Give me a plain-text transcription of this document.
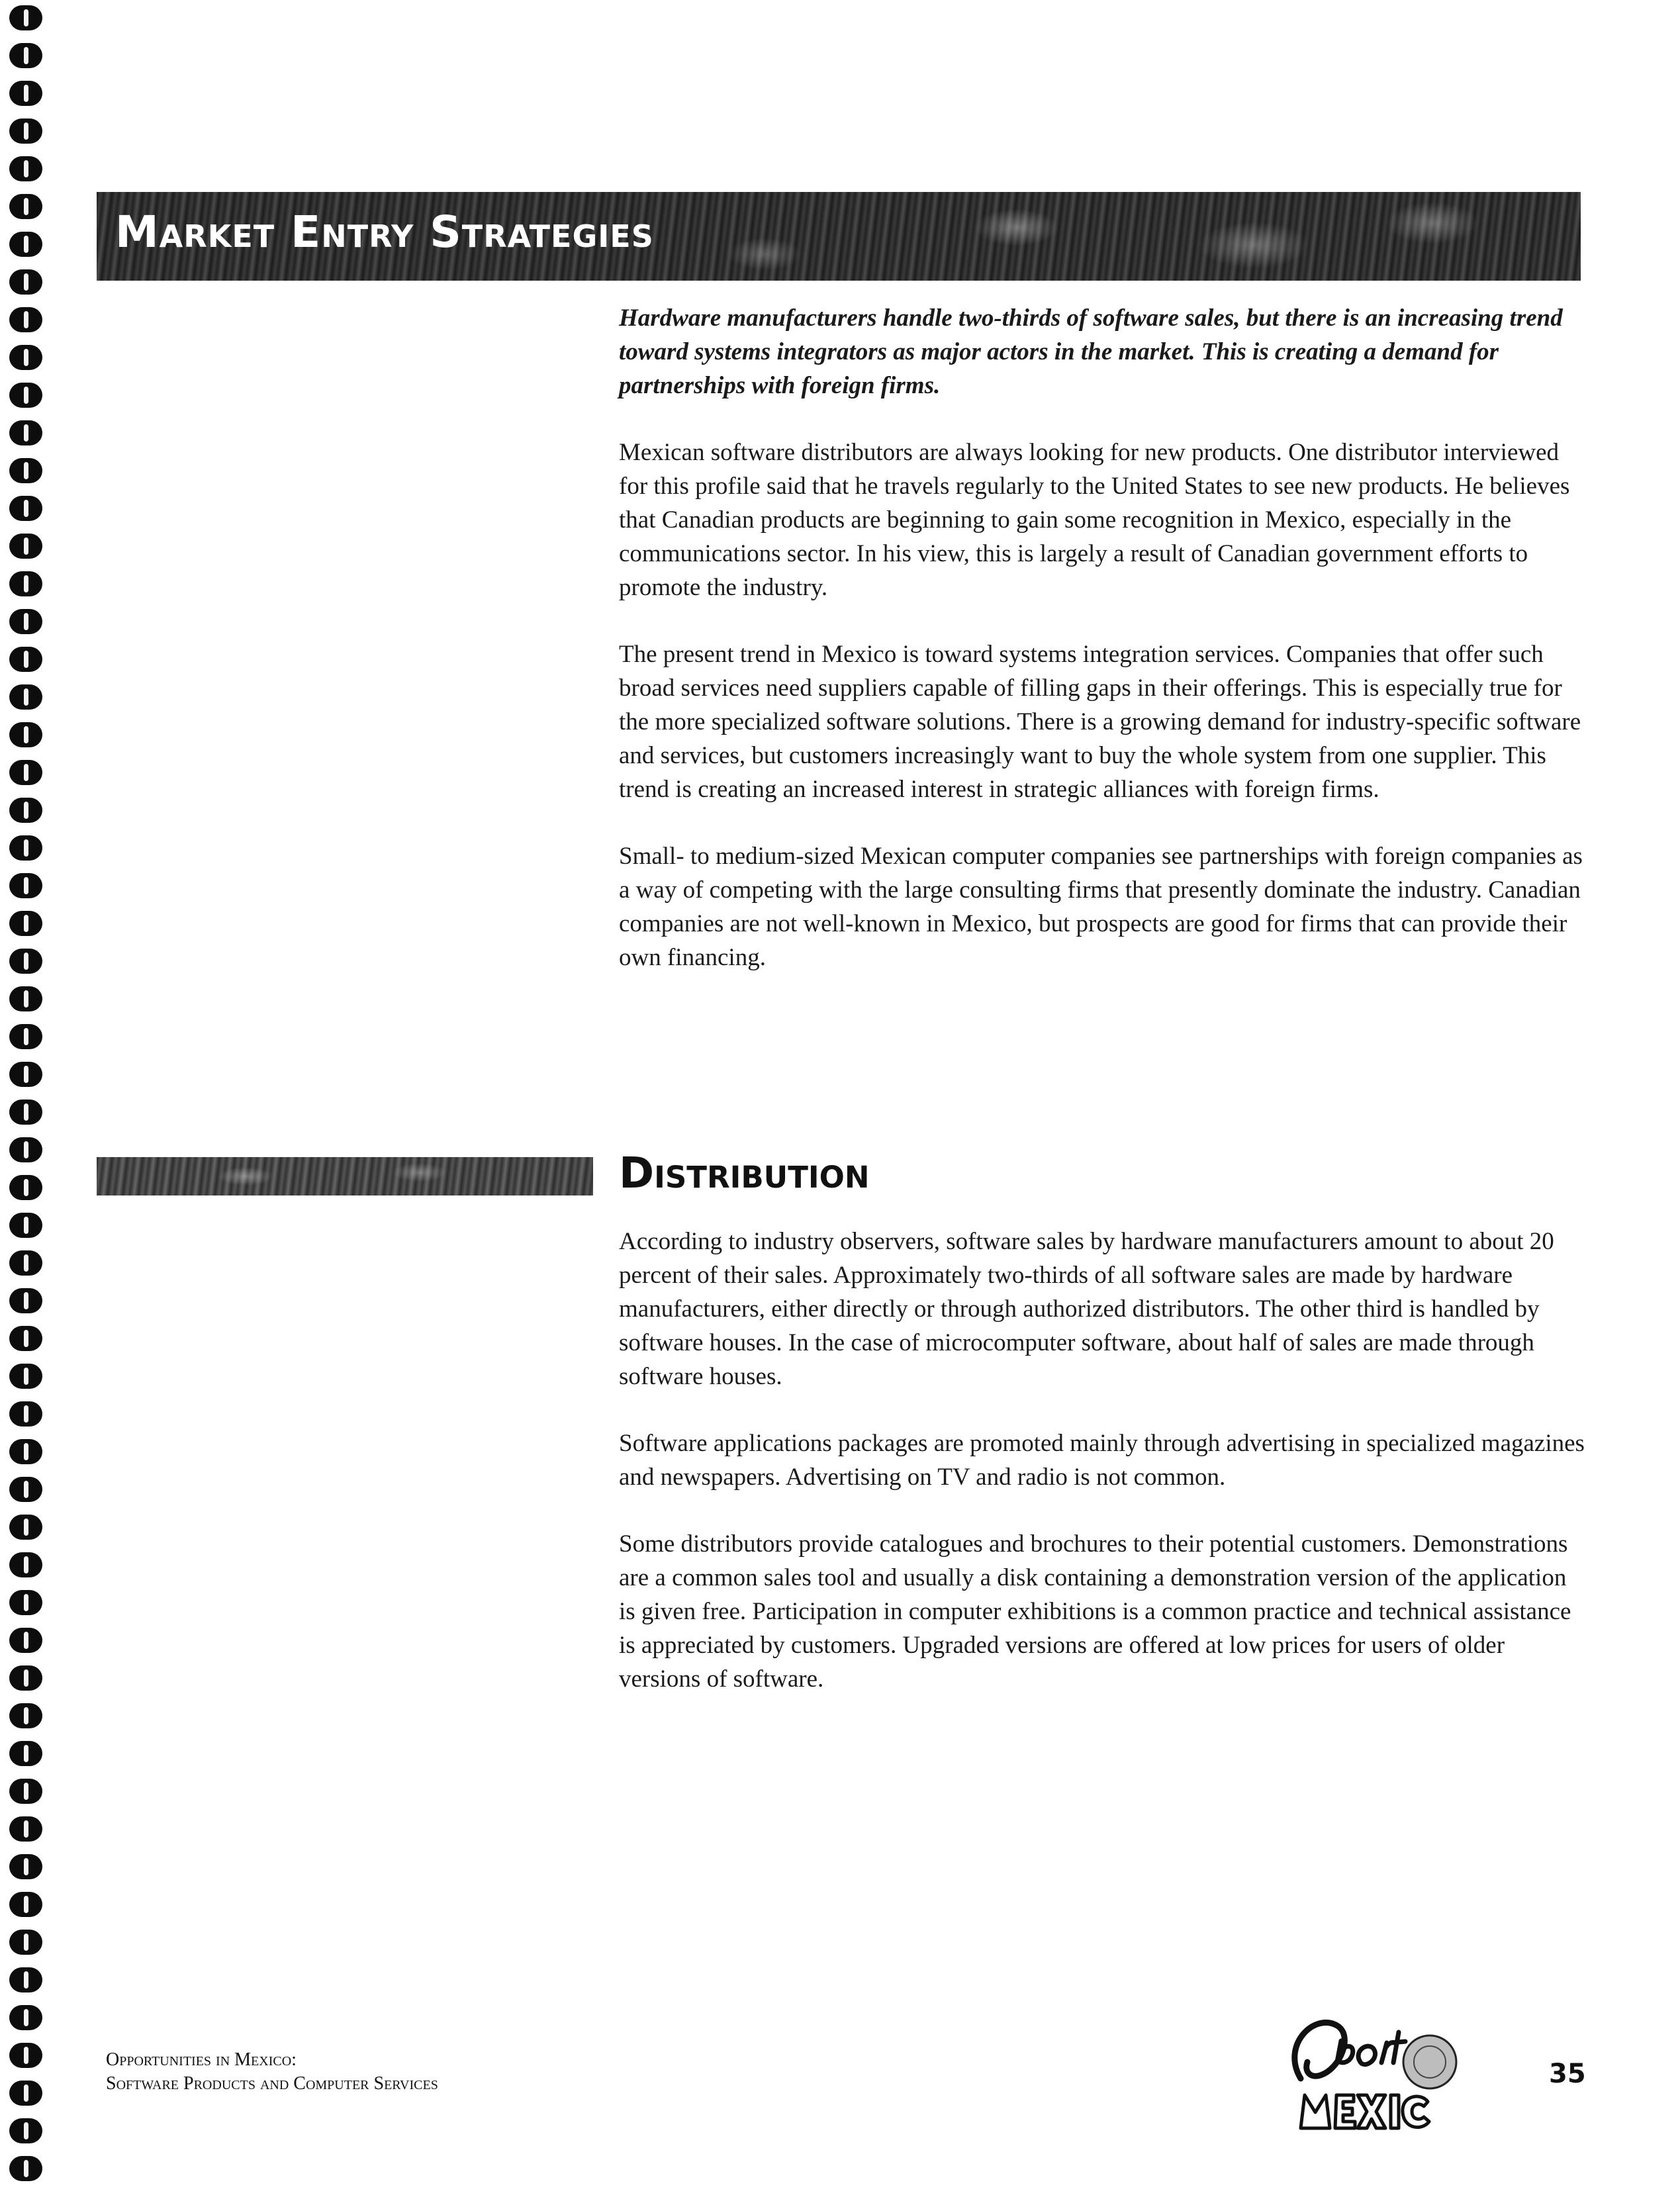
Market Entry Strategies

Hardware manufacturers handle two-thirds of software sales, but there is an increasing trend toward systems integrators as major actors in the market. This is creating a demand for partnerships with foreign firms.

Mexican software distributors are always looking for new products. One distributor interviewed for this profile said that he travels regularly to the United States to see new products. He believes that Canadian products are beginning to gain some recognition in Mexico, especially in the communications sector. In his view, this is largely a result of Canadian government efforts to promote the industry.

The present trend in Mexico is toward systems integration services. Companies that offer such broad services need suppliers capable of filling gaps in their offerings. This is especially true for the more specialized software solutions. There is a growing demand for industry-specific software and services, but customers increasingly want to buy the whole system from one supplier. This trend is creating an increased interest in strategic alliances with foreign firms.

Small- to medium-sized Mexican computer companies see partnerships with foreign companies as a way of competing with the large consulting firms that presently dominate the industry. Canadian companies are not well-known in Mexico, but prospects are good for firms that can provide their own financing.

Distribution

According to industry observers, software sales by hardware manufacturers amount to about 20 percent of their sales. Approximately two-thirds of all software sales are made by hardware manufacturers, either directly or through authorized distributors. The other third is handled by software houses. In the case of microcomputer software, about half of sales are made through software houses.

Software applications packages are promoted mainly through advertising in specialized magazines and newspapers. Advertising on TV and radio is not common.

Some distributors provide catalogues and brochures to their potential customers. Demonstrations are a common sales tool and usually a disk containing a demonstration version of the application is given free. Participation in computer exhibitions is a common practice and technical assistance is appreciated by customers. Upgraded versions are offered at low prices for users of older versions of software.

Opportunities in Mexico:
Software Products and Computer Services	35
